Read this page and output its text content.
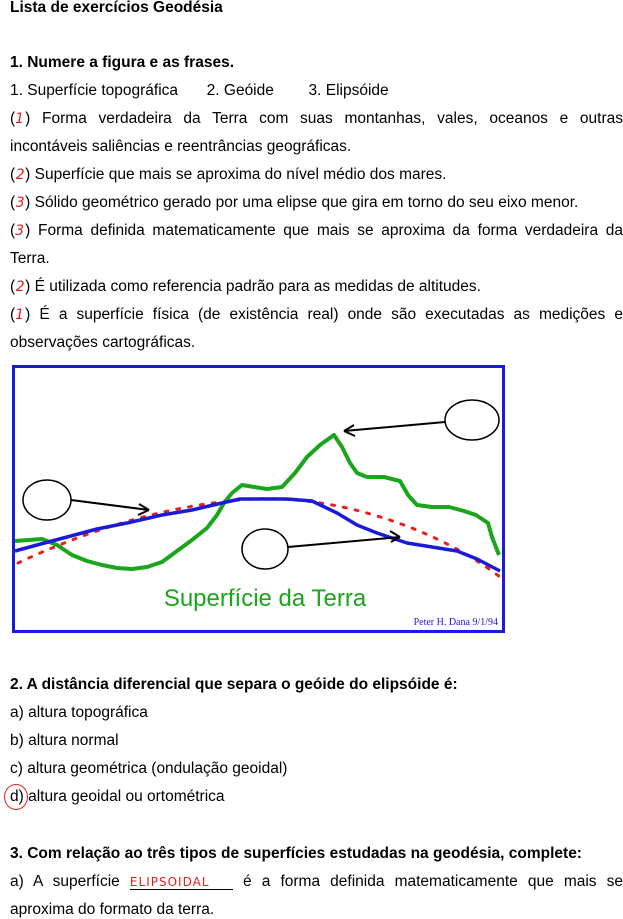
Lista de exercícios Geodésia
1. Numere a figura e as frases.
1. Superfície topográfica 2. Geóide 3. Elipsóide
(1) Forma verdadeira da Terra com suas montanhas, vales, oceanos e outras
incontáveis saliências e reentrâncias geográficas.
(2) Superfície que mais se aproxima do nível médio dos mares.
(3) Sólido geométrico gerado por uma elipse que gira em torno do seu eixo menor.
(3) Forma definida matematicamente que mais se aproxima da forma verdadeira da
Terra.
(2) É utilizada como referencia padrão para as medidas de altitudes.
(1) É a superfície física (de existência real) onde são executadas as medições e
observações cartográficas.
Superfície da Terra
Peter H. Dana 9/1/94
2. A distância diferencial que separa o geóide do elipsóide é:
a) altura topográfica
b) altura normal
c) altura geométrica (ondulação geoidal)
d) altura geoidal ou ortométrica
3. Com relação ao três tipos de superfícies estudadas na geodésia, complete:
a) A superfície ELIPSOIDAL é a forma definida matematicamente que mais se
aproxima do formato da terra.
